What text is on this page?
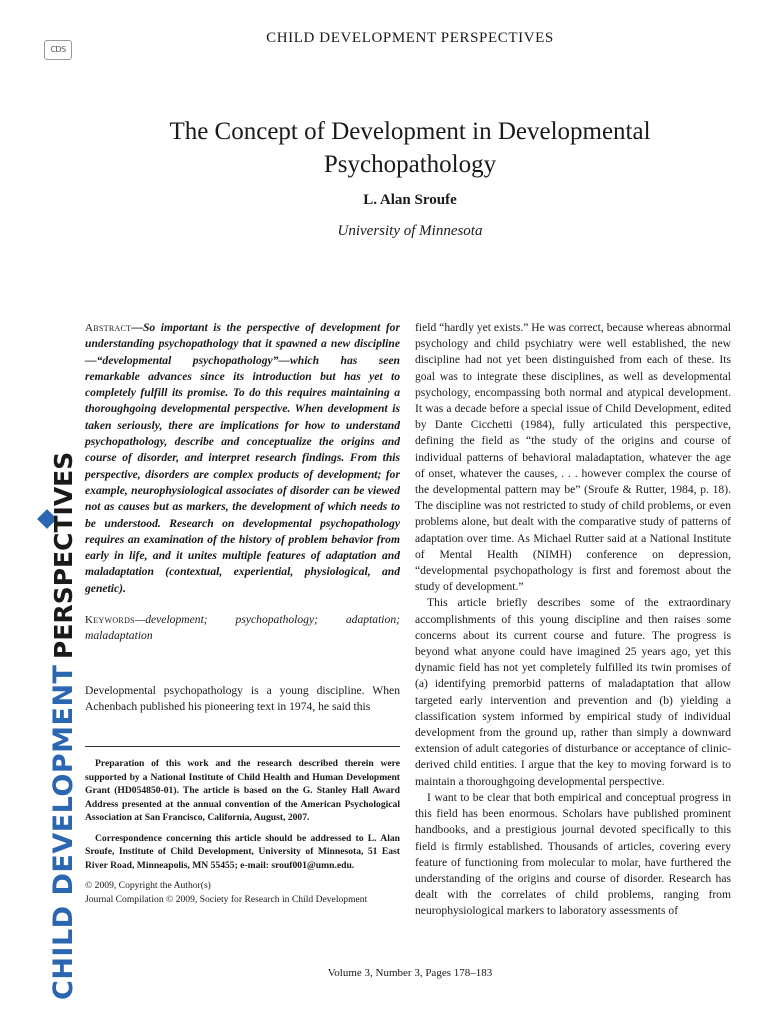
CDS
CHILD DEVELOPMENT PERSPECTIVES
CHILD DEVELOPMENT PERSPECTIVES
The Concept of Development in Developmental Psychopathology
L. Alan Sroufe
University of Minnesota

Abstract—So important is the perspective of development for understanding psychopathology that it spawned a new discipline—“developmental psychopathology”—which has seen remarkable advances since its introduction but has yet to completely fulfill its promise. To do this requires maintaining a thoroughgoing developmental perspective. When development is taken seriously, there are implications for how to understand psychopathology, describe and conceptualize the origins and course of disorder, and interpret research findings. From this perspective, disorders are complex products of development; for example, neurophysiological associates of disorder can be viewed not as causes but as markers, the development of which needs to be understood. Research on developmental psychopathology requires an examination of the history of problem behavior from early in life, and it unites multiple features of adaptation and maladaptation (contextual, experiential, physiological, and genetic).

Keywords—development; psychopathology; adaptation; maladaptation

Developmental psychopathology is a young discipline. When Achenbach published his pioneering text in 1974, he said this

Preparation of this work and the research described therein were supported by a National Institute of Child Health and Human Development Grant (HD054850-01). The article is based on the G. Stanley Hall Award Address presented at the annual convention of the American Psychological Association at San Francisco, California, August, 2007.

Correspondence concerning this article should be addressed to L. Alan Sroufe, Institute of Child Development, University of Minnesota, 51 East River Road, Minneapolis, MN 55455; e-mail: srouf001@umn.edu.

© 2009, Copyright the Author(s)

Journal Compilation © 2009, Society for Research in Child Development

field “hardly yet exists.” He was correct, because whereas abnormal psychology and child psychiatry were well established, the new discipline had not yet been distinguished from each of these. Its goal was to integrate these disciplines, as well as developmental psychology, encompassing both normal and atypical development. It was a decade before a special issue of Child Development, edited by Dante Cicchetti (1984), fully articulated this perspective, defining the field as “the study of the origins and course of individual patterns of behavioral maladaptation, whatever the age of onset, whatever the causes, . . . however complex the course of the developmental pattern may be” (Sroufe & Rutter, 1984, p. 18). The discipline was not restricted to study of child problems, or even problems alone, but dealt with the comparative study of patterns of adaptation over time. As Michael Rutter said at a National Institute of Mental Health (NIMH) conference on depression, “developmental psychopathology is first and foremost about the study of development.”

This article briefly describes some of the extraordinary accomplishments of this young discipline and then raises some concerns about its current course and future. The progress is beyond what anyone could have imagined 25 years ago, yet this dynamic field has not yet completely fulfilled its twin promises of (a) identifying premorbid patterns of maladaptation that allow targeted early intervention and prevention and (b) yielding a classification system informed by empirical study of individual development from the ground up, rather than simply a downward extension of adult categories of disturbance or acceptance of clinic-derived child entities. I argue that the key to moving forward is to maintain a thoroughgoing developmental perspective.

I want to be clear that both empirical and conceptual progress in this field has been enormous. Scholars have published prominent handbooks, and a prestigious journal devoted specifically to this field is firmly established. Thousands of articles, covering every feature of functioning from molecular to molar, have furthered the understanding of the origins and course of disorder. Research has dealt with the correlates of child problems, ranging from neurophysiological markers to laboratory assessments of

Volume 3, Number 3, Pages 178–183
